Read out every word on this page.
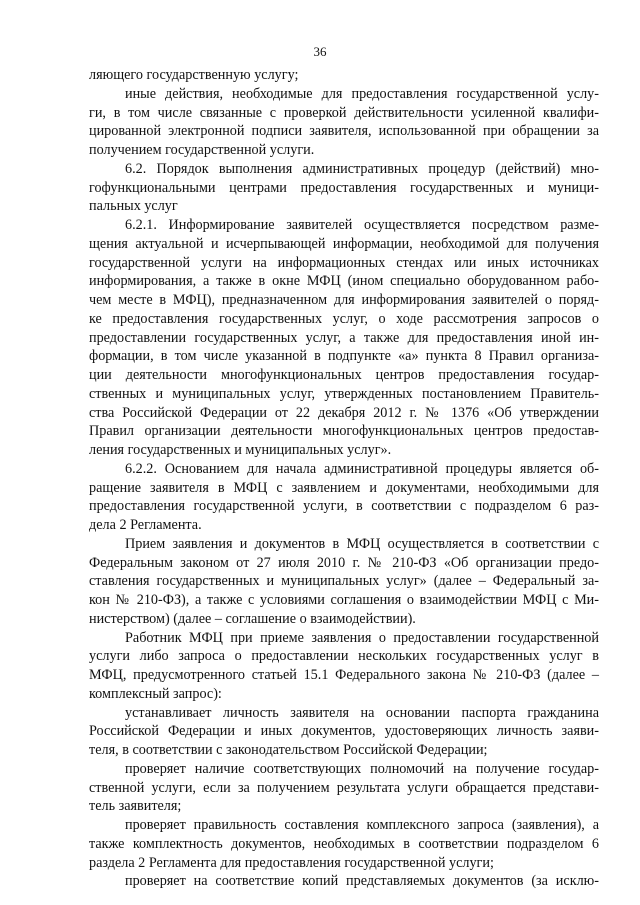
36
ляющего государственную услугу;
иные действия, необходимые для предоставления государственной услу-
ги, в том числе связанные с проверкой действительности усиленной квалифи-
цированной электронной подписи заявителя, использованной при обращении за
получением государственной услуги.
6.2. Порядок выполнения административных процедур (действий) мно-
гофункциональными центрами предоставления государственных и муници-
пальных услуг
6.2.1. Информирование заявителей осуществляется посредством разме-
щения актуальной и исчерпывающей информации, необходимой для получения
государственной услуги на информационных стендах или иных источниках
информирования, а также в окне МФЦ (ином специально оборудованном рабо-
чем месте в МФЦ), предназначенном для информирования заявителей о поряд-
ке предоставления государственных услуг, о ходе рассмотрения запросов о
предоставлении государственных услуг, а также для предоставления иной ин-
формации, в том числе указанной в подпункте «а» пункта 8 Правил организа-
ции деятельности многофункциональных центров предоставления государ-
ственных и муниципальных услуг, утвержденных постановлением Правитель-
ства Российской Федерации от 22 декабря 2012 г. № 1376 «Об утверждении
Правил организации деятельности многофункциональных центров предостав-
ления государственных и муниципальных услуг».
6.2.2. Основанием для начала административной процедуры является об-
ращение заявителя в МФЦ с заявлением и документами, необходимыми для
предоставления государственной услуги, в соответствии с подразделом 6 раз-
дела 2 Регламента.
Прием заявления и документов в МФЦ осуществляется в соответствии с
Федеральным законом от 27 июля 2010 г. № 210-ФЗ «Об организации предо-
ставления государственных и муниципальных услуг» (далее – Федеральный за-
кон № 210-ФЗ), а также с условиями соглашения о взаимодействии МФЦ с Ми-
нистерством) (далее – соглашение о взаимодействии).
Работник МФЦ при приеме заявления о предоставлении государственной
услуги либо запроса о предоставлении нескольких государственных услуг в
МФЦ, предусмотренного статьей 15.1 Федерального закона № 210-ФЗ (далее –
комплексный запрос):
устанавливает личность заявителя на основании паспорта гражданина
Российской Федерации и иных документов, удостоверяющих личность заяви-
теля, в соответствии с законодательством Российской Федерации;
проверяет наличие соответствующих полномочий на получение государ-
ственной услуги, если за получением результата услуги обращается представи-
тель заявителя;
проверяет правильность составления комплексного запроса (заявления), а
также комплектность документов, необходимых в соответствии подразделом 6
раздела 2 Регламента для предоставления государственной услуги;
проверяет на соответствие копий представляемых документов (за исклю-
